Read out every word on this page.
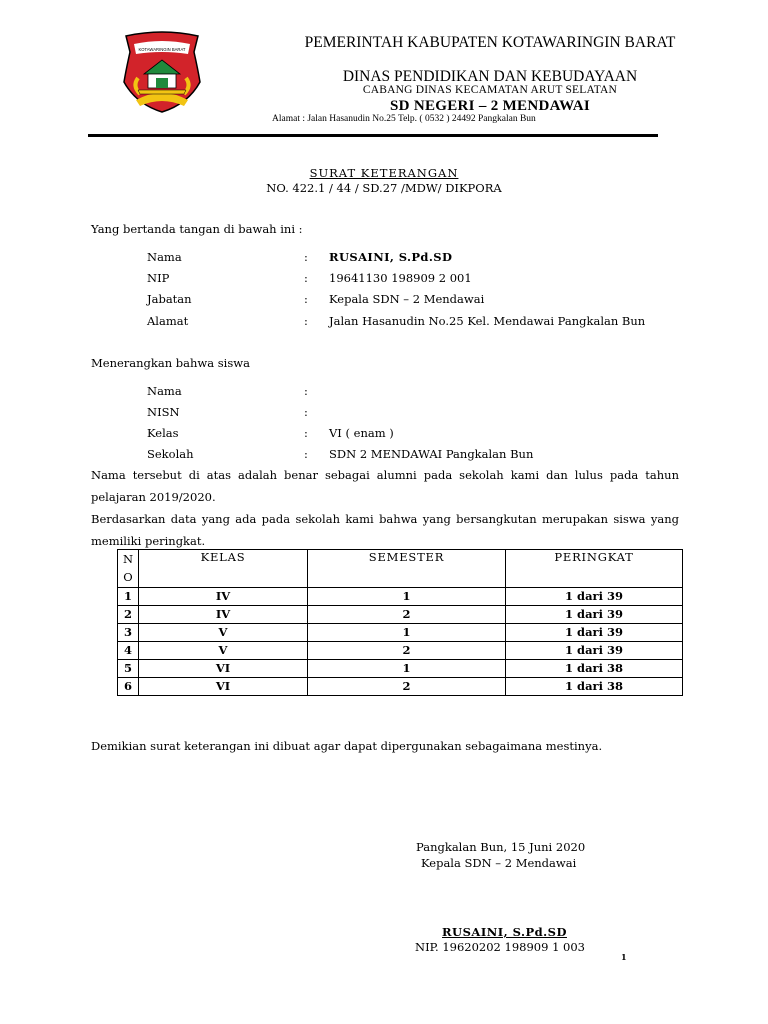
KOTAWARINGIN BARAT	PEMERINTAH KABUPATEN KOTAWARINGIN BARAT
DINAS PENDIDIKAN DAN KEBUDAYAAN
CABANG DINAS KECAMATAN ARUT SELATAN
SD NEGERI – 2 MENDAWAI
Alamat : Jalan Hasanudin No.25 Telp. ( 0532 ) 24492 Pangkalan Bun
SURAT KETERANGAN
NO. 422.1 / 44 / SD.27 /MDW/ DIKPORA
Yang bertanda tangan di bawah ini :
Nama	: RUSAINI, S.Pd.SD
NIP	: 19641130 198909 2 001
Jabatan	: Kepala SDN – 2 Mendawai
Alamat	: Jalan Hasanudin No.25 Kel. Mendawai Pangkalan Bun
Menerangkan bahwa siswa
Nama	:
NISN	:
Kelas	: VI ( enam )
Sekolah	: SDN 2 MENDAWAI Pangkalan Bun
Nama tersebut di atas adalah benar sebagai alumni pada sekolah kami dan lulus pada tahun pelajaran 2019/2020.
Berdasarkan data yang ada pada sekolah kami bahwa yang bersangkutan merupakan siswa yang memiliki peringkat.
NO	KELAS	SEMESTER	PERINGKAT
1	IV	1	1 dari 39
2	IV	2	1 dari 39
3	V	1	1 dari 39
4	V	2	1 dari 39
5	VI	1	1 dari 38
6	VI	2	1 dari 38
Demikian surat keterangan ini dibuat agar dapat dipergunakan sebagaimana mestinya.
Pangkalan Bun, 15 Juni 2020
Kepala SDN – 2 Mendawai
RUSAINI, S.Pd.SD
NIP. 19620202 198909 1 003
1
